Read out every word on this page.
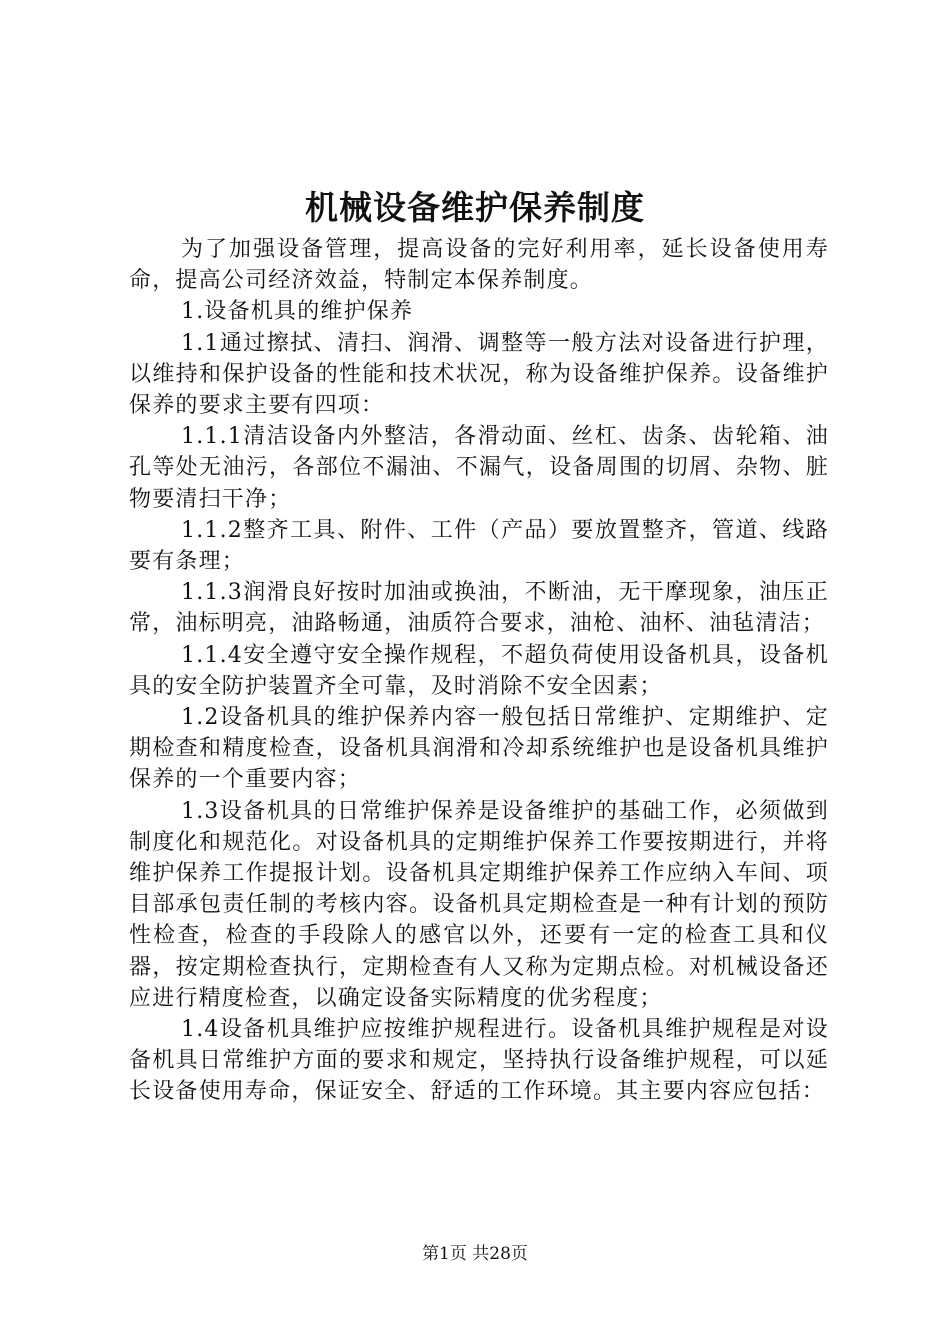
机械设备维护保养制度

为了加强设备管理，提高设备的完好利用率，延长设备使用寿命，提高公司经济效益，特制定本保养制度。

1.设备机具的维护保养

1.1通过擦拭、清扫、润滑、调整等一般方法对设备进行护理，以维持和保护设备的性能和技术状况，称为设备维护保养。设备维护保养的要求主要有四项：

1.1.1清洁设备内外整洁，各滑动面、丝杠、齿条、齿轮箱、油孔等处无油污，各部位不漏油、不漏气，设备周围的切屑、杂物、脏物要清扫干净；

1.1.2整齐工具、附件、工件（产品）要放置整齐，管道、线路要有条理；

1.1.3润滑良好按时加油或换油，不断油，无干摩现象，油压正常，油标明亮，油路畅通，油质符合要求，油枪、油杯、油毡清洁；

1.1.4安全遵守安全操作规程，不超负荷使用设备机具，设备机具的安全防护装置齐全可靠，及时消除不安全因素；

1.2设备机具的维护保养内容一般包括日常维护、定期维护、定期检查和精度检查，设备机具润滑和冷却系统维护也是设备机具维护保养的一个重要内容；

1.3设备机具的日常维护保养是设备维护的基础工作，必须做到制度化和规范化。对设备机具的定期维护保养工作要按期进行，并将维护保养工作提报计划。设备机具定期维护保养工作应纳入车间、项目部承包责任制的考核内容。设备机具定期检查是一种有计划的预防性检查，检查的手段除人的感官以外，还要有一定的检查工具和仪器，按定期检查执行，定期检查有人又称为定期点检。对机械设备还应进行精度检查，以确定设备实际精度的优劣程度；

1.4设备机具维护应按维护规程进行。设备机具维护规程是对设备机具日常维护方面的要求和规定，坚持执行设备维护规程，可以延长设备使用寿命，保证安全、舒适的工作环境。其主要内容应包括：

第1页 共28页
